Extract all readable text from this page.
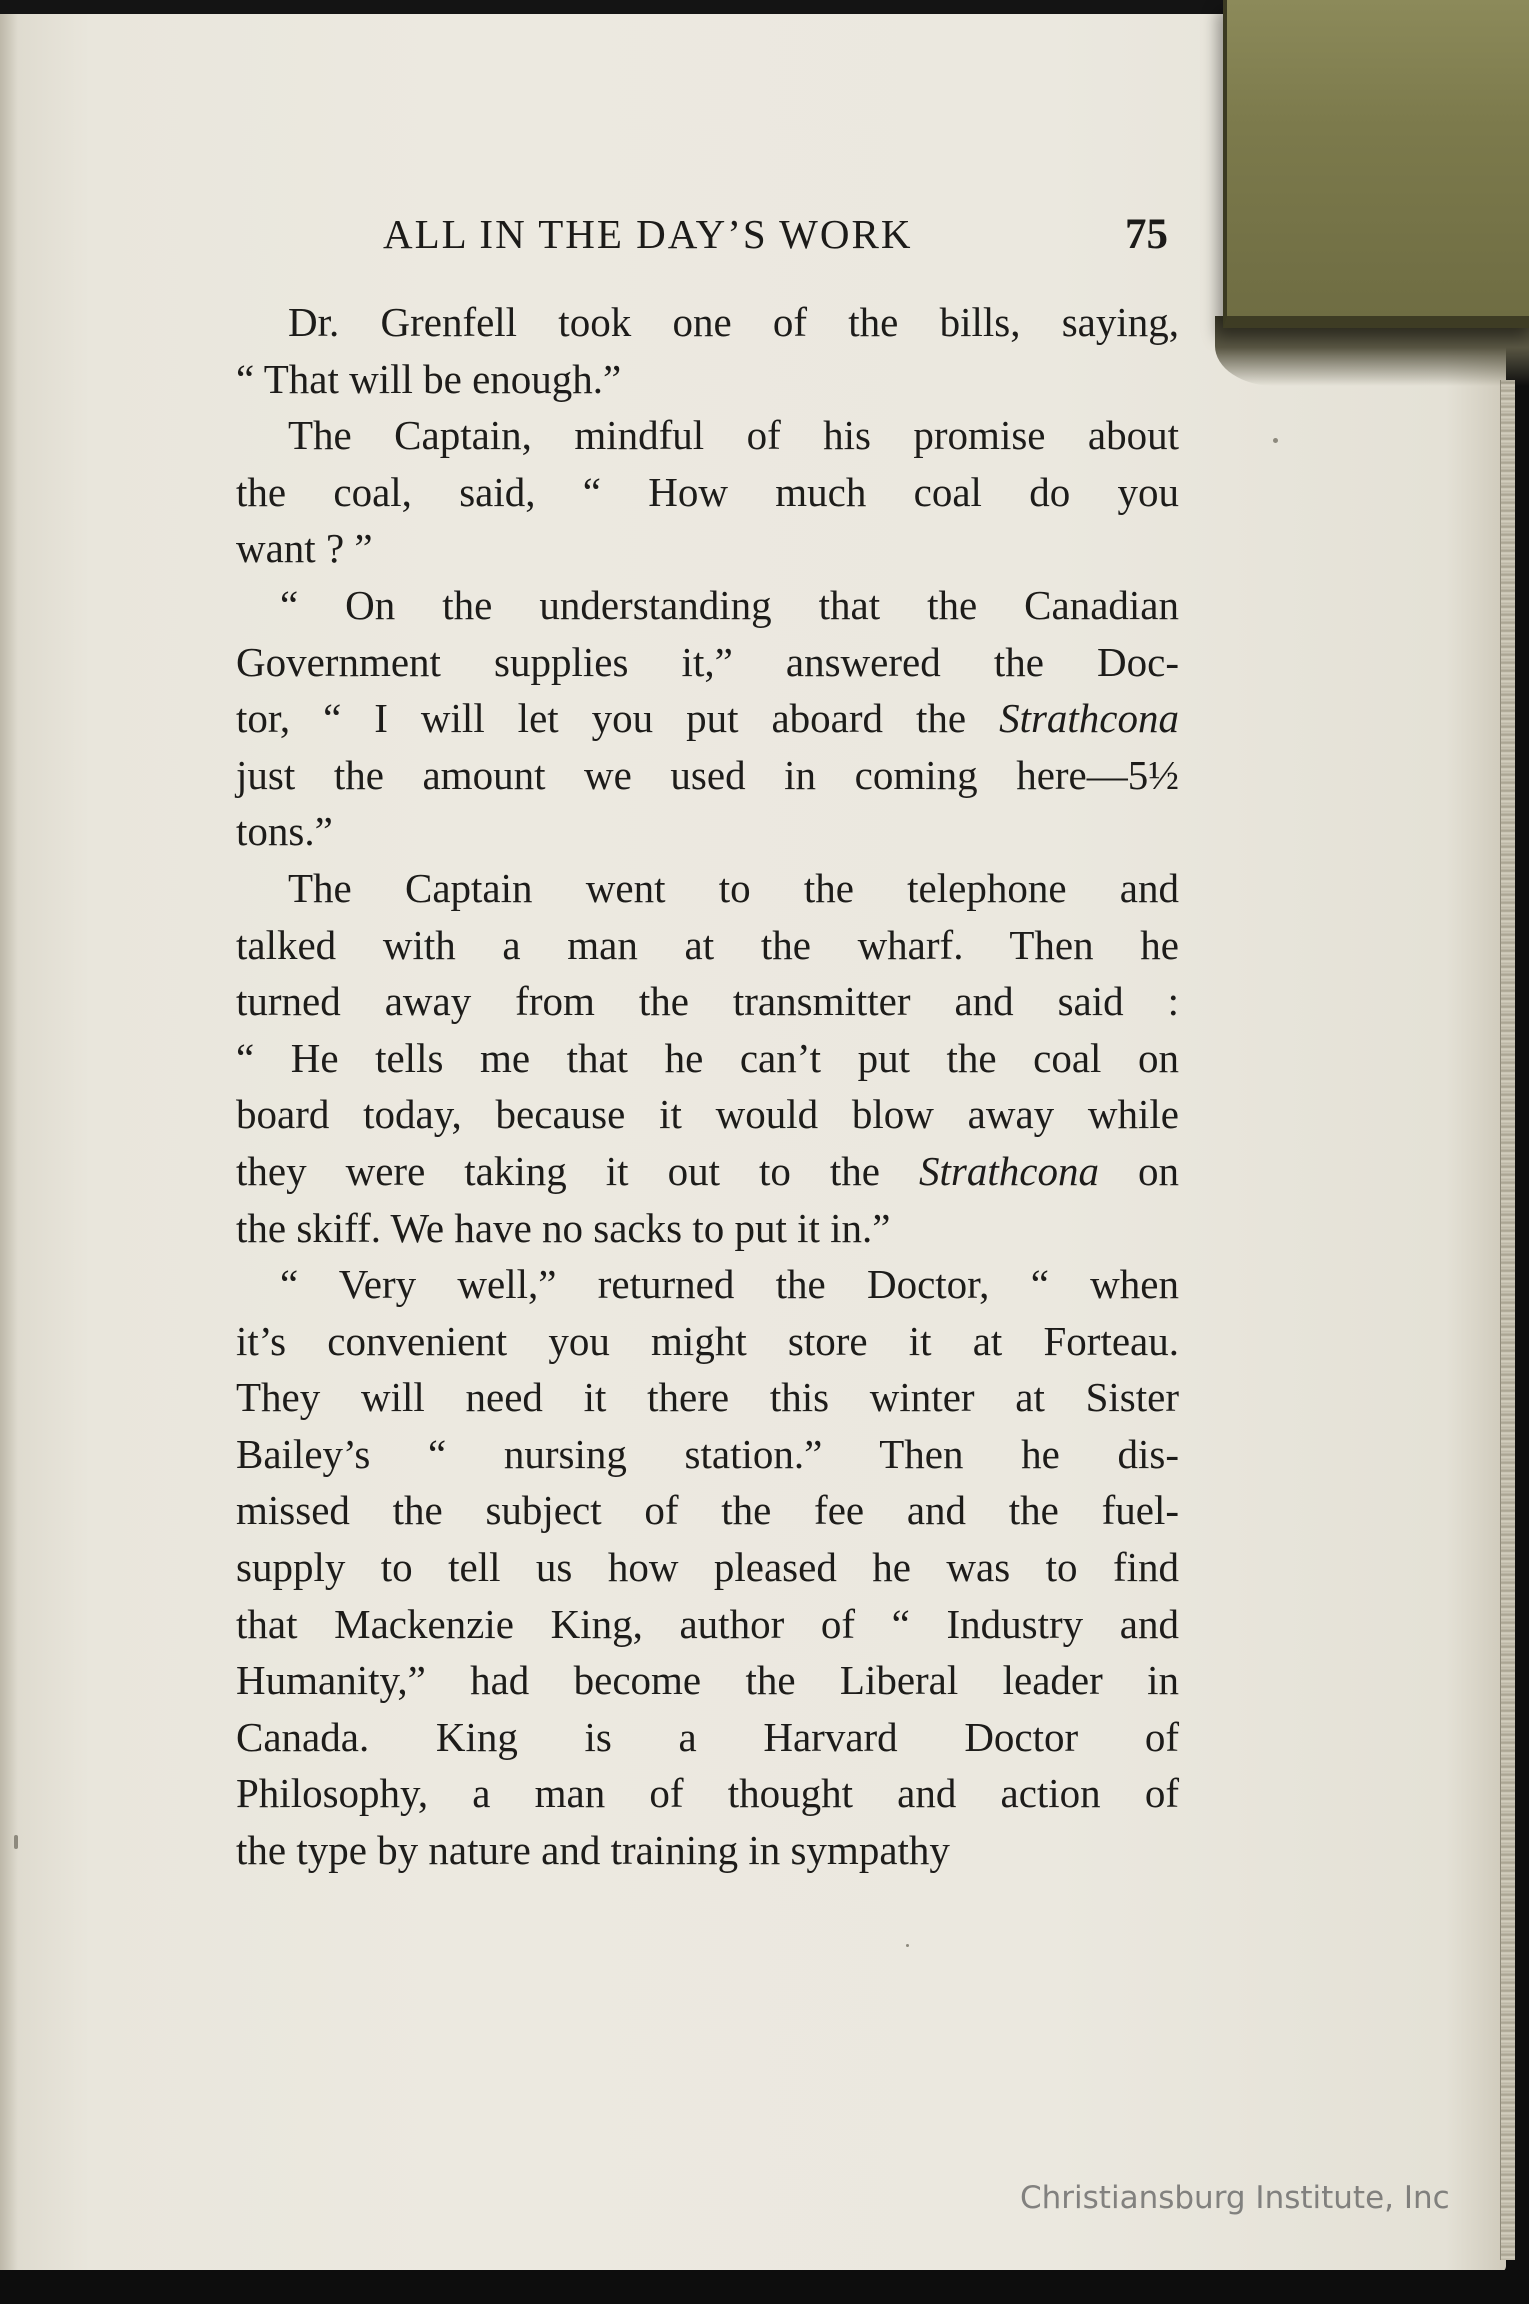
ALL IN THE DAY’S WORK	75
Dr. Grenfell took one of the bills, saying,
“ That will be enough.”
The Captain, mindful of his promise about
the coal, said, “ How much coal do you
want ? ”
“ On the understanding that the Canadian
Government supplies it,” answered the Doc-
tor, “ I will let you put aboard the Strathcona
just the amount we used in coming here—5½
tons.”
The Captain went to the telephone and
talked with a man at the wharf. Then he
turned away from the transmitter and said :
“ He tells me that he can’t put the coal on
board today, because it would blow away while
they were taking it out to the Strathcona on
the skiff. We have no sacks to put it in.”
“ Very well,” returned the Doctor, “ when
it’s convenient you might store it at Forteau.
They will need it there this winter at Sister
Bailey’s “ nursing station.” Then he dis-
missed the subject of the fee and the fuel-
supply to tell us how pleased he was to find
that Mackenzie King, author of “ Industry and
Humanity,” had become the Liberal leader in
Canada. King is a Harvard Doctor of
Philosophy, a man of thought and action of
the type by nature and training in sympathy
Christiansburg Institute, Inc
